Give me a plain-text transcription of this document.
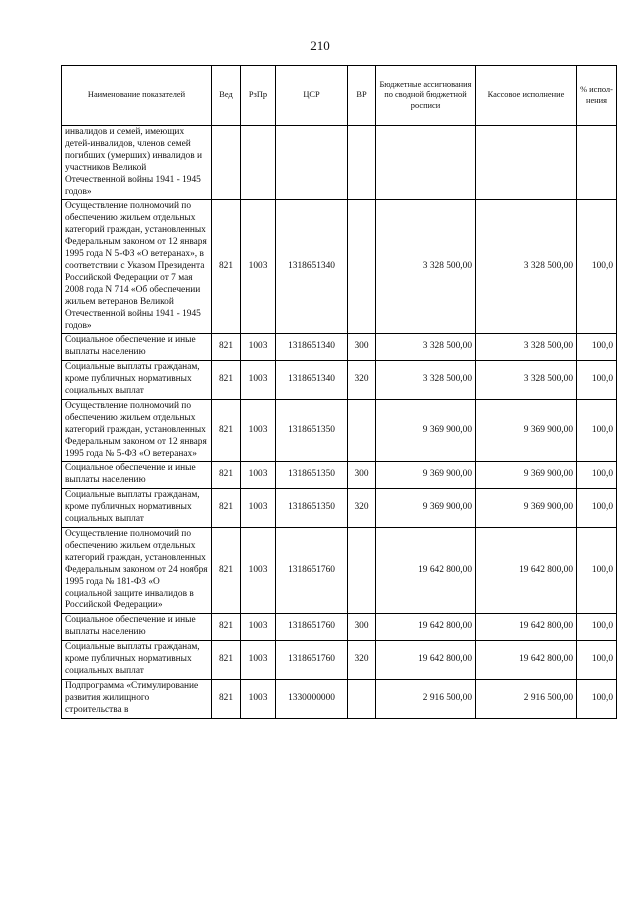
210
Наименование показателей	Вед	РзПр	ЦСР	ВР	Бюджетные ассигнования по сводной бюджетной росписи	Кассовое исполнение	% испол- нения
инвалидов и семей, имеющих детей-инвалидов, членов семей погибших (умерших) инвалидов и участников Великой Отечественной войны 1941 - 1945 годов»							
Осуществление полномочий по обеспечению жильем отдельных категорий граждан, установленных Федеральным законом от 12 января 1995 года N 5-ФЗ «О ветеранах», в соответствии с Указом Президента Российской Федерации от 7 мая 2008 года N 714 «Об обеспечении жильем ветеранов Великой Отечественной войны 1941 - 1945 годов»	821	1003	1318651340		3 328 500,00	3 328 500,00	100,0
Социальное обеспечение и иные выплаты населению	821	1003	1318651340	300	3 328 500,00	3 328 500,00	100,0
Социальные выплаты гражданам, кроме публичных нормативных социальных выплат	821	1003	1318651340	320	3 328 500,00	3 328 500,00	100,0
Осуществление полномочий по обеспечению жильем отдельных категорий граждан, установленных Федеральным законом от 12 января 1995 года № 5-ФЗ «О ветеранах»	821	1003	1318651350		9 369 900,00	9 369 900,00	100,0
Социальное обеспечение и иные выплаты населению	821	1003	1318651350	300	9 369 900,00	9 369 900,00	100,0
Социальные выплаты гражданам, кроме публичных нормативных социальных выплат	821	1003	1318651350	320	9 369 900,00	9 369 900,00	100,0
Осуществление полномочий по обеспечению жильем отдельных категорий граждан, установленных Федеральным законом от 24 ноября 1995 года № 181-ФЗ «О социальной защите инвалидов в Российской Федерации»	821	1003	1318651760		19 642 800,00	19 642 800,00	100,0
Социальное обеспечение и иные выплаты населению	821	1003	1318651760	300	19 642 800,00	19 642 800,00	100,0
Социальные выплаты гражданам, кроме публичных нормативных социальных выплат	821	1003	1318651760	320	19 642 800,00	19 642 800,00	100,0
Подпрограмма «Стимулирование развития жилищного строительства в	821	1003	1330000000		2 916 500,00	2 916 500,00	100,0
